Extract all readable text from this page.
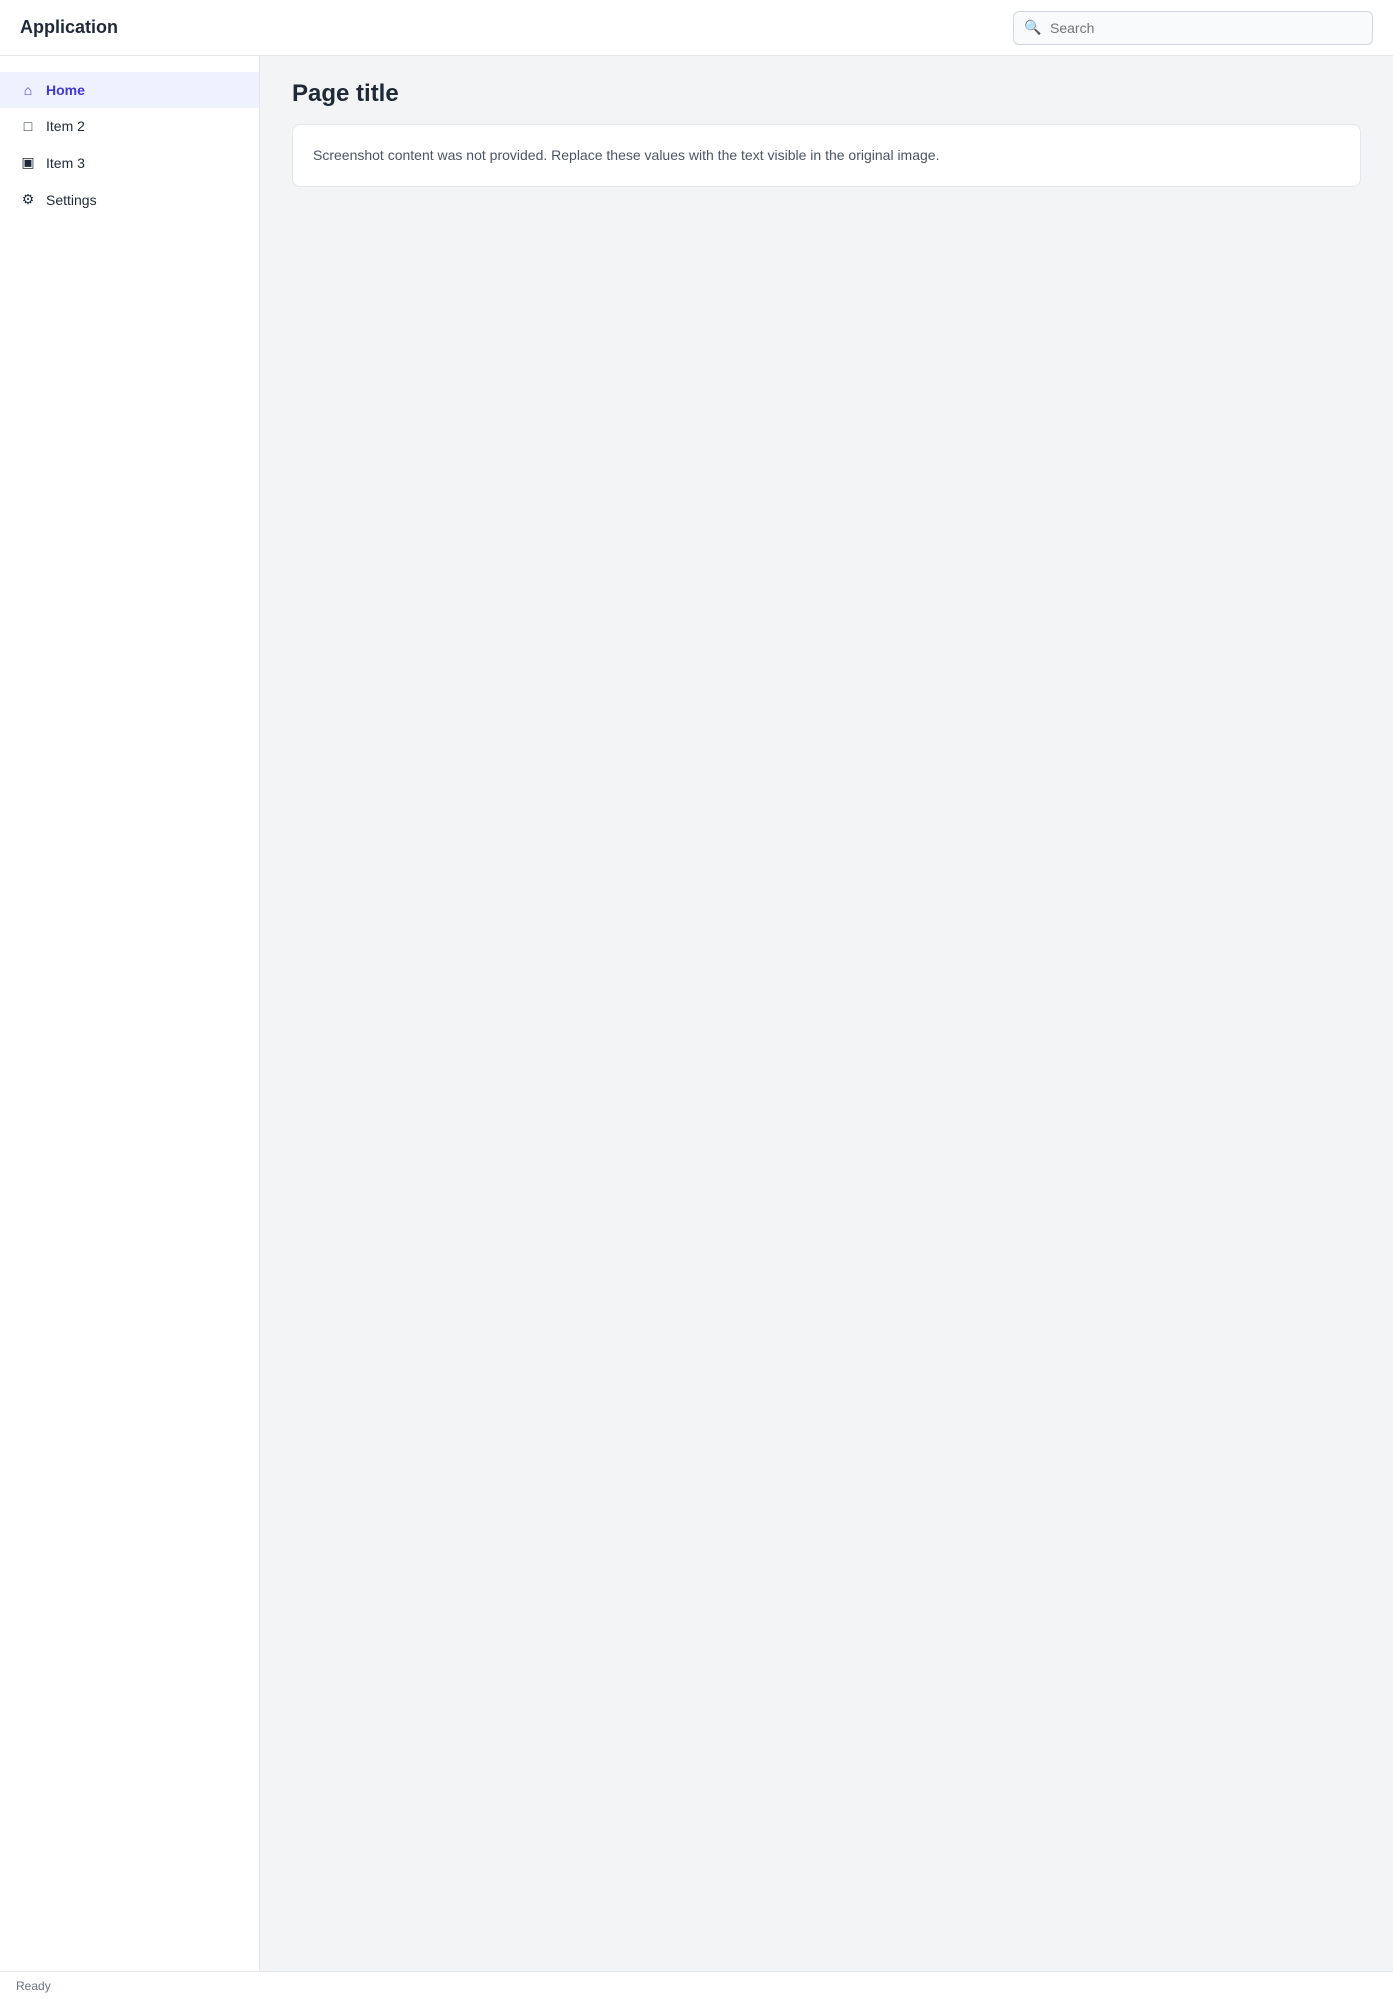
Application	🔍
Search
⌂ Home
□ Item 2
▣ Item 3
⚙ Settings
Page title

Screenshot content was not provided. Replace these values with the text visible in the original image.

Ready
